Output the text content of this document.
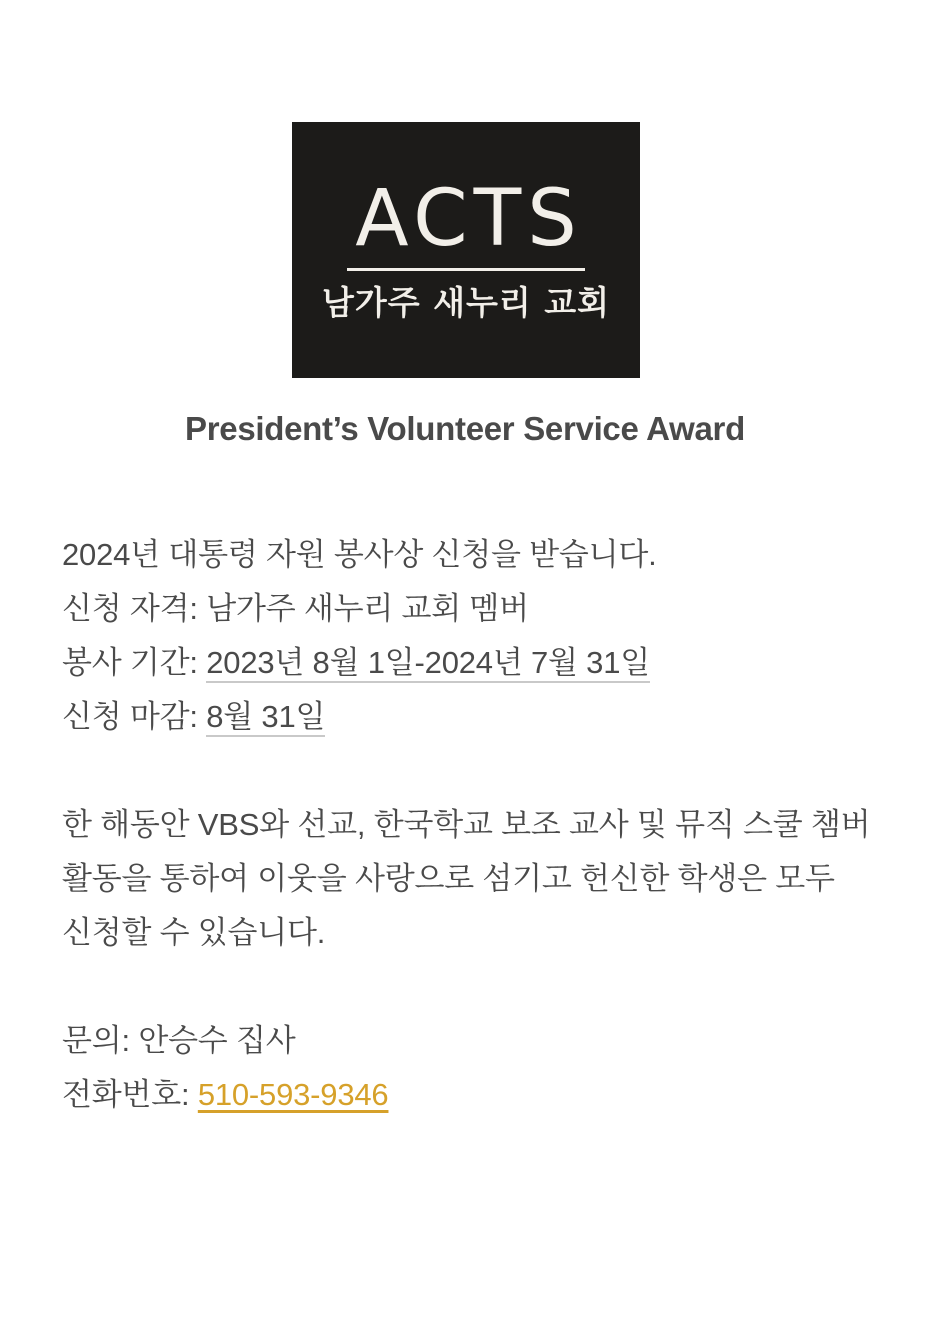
ACTS
남가주 새누리 교회
President’s Volunteer Service Award
2024년 대통령 자원 봉사상 신청을 받습니다.
신청 자격: 남가주 새누리 교회 멤버
봉사 기간: 2023년 8월 1일-2024년 7월 31일
신청 마감: 8월 31일
한 해동안 VBS와 선교, 한국학교 보조 교사 및 뮤직 스쿨 챔버 활동을 통하여 이웃을 사랑으로 섬기고 헌신한 학생은 모두 신청할 수 있습니다.
문의: 안승수 집사
전화번호: 510-593-9346
